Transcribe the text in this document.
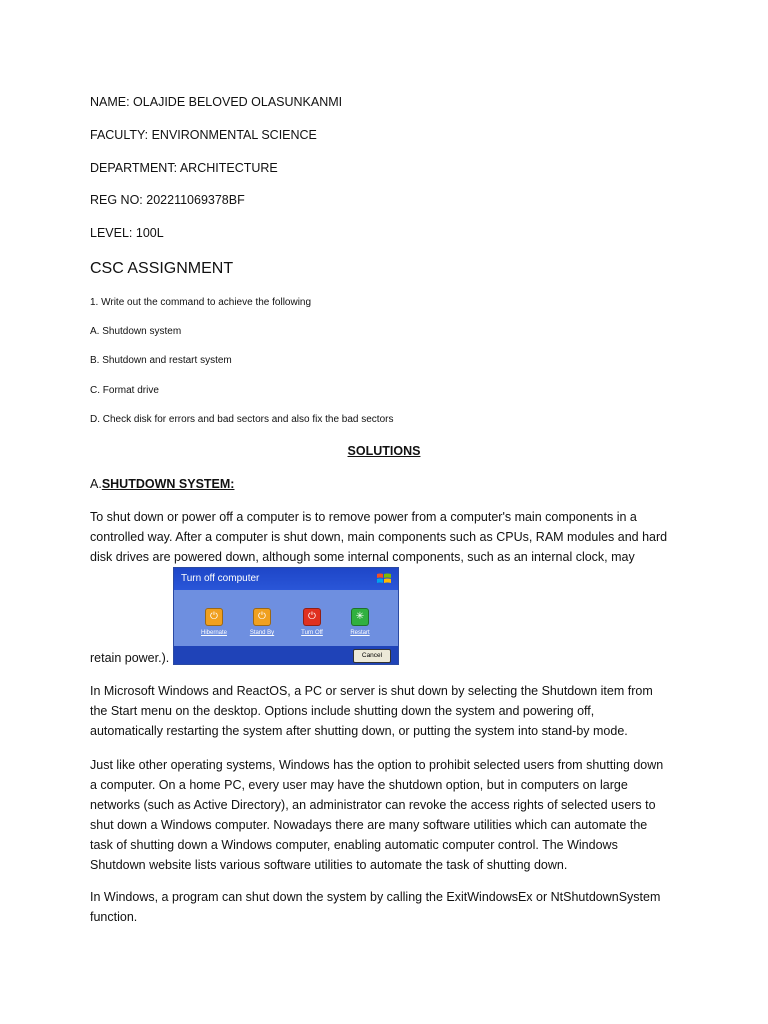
NAME: OLAJIDE BELOVED OLASUNKANMI
FACULTY: ENVIRONMENTAL SCIENCE
DEPARTMENT: ARCHITECTURE
REG NO: 202211069378BF
LEVEL: 100L
CSC ASSIGNMENT
1. Write out the command to achieve the following
A. Shutdown system
B. Shutdown and restart system
C. Format drive
D. Check disk for errors and bad sectors and also fix the bad sectors
SOLUTIONS
A.SHUTDOWN SYSTEM:
To shut down or power off a computer is to remove power from a computer's main components in a
controlled way. After a computer is shut down, main components such as CPUs, RAM modules and hard
disk drives are powered down, although some internal components, such as an internal clock, may
Turn off computer
⏻
Hibernate
⏻
Stand By
⏻
Turn Off
✳
Restart
Cancel
retain power.).
In Microsoft Windows and ReactOS, a PC or server is shut down by selecting the Shutdown item from
the Start menu on the desktop. Options include shutting down the system and powering off,
automatically restarting the system after shutting down, or putting the system into stand-by mode.
Just like other operating systems, Windows has the option to prohibit selected users from shutting down
a computer. On a home PC, every user may have the shutdown option, but in computers on large
networks (such as Active Directory), an administrator can revoke the access rights of selected users to
shut down a Windows computer. Nowadays there are many software utilities which can automate the
task of shutting down a Windows computer, enabling automatic computer control. The Windows
Shutdown website lists various software utilities to automate the task of shutting down.
In Windows, a program can shut down the system by calling the ExitWindowsEx or NtShutdownSystem
function.
